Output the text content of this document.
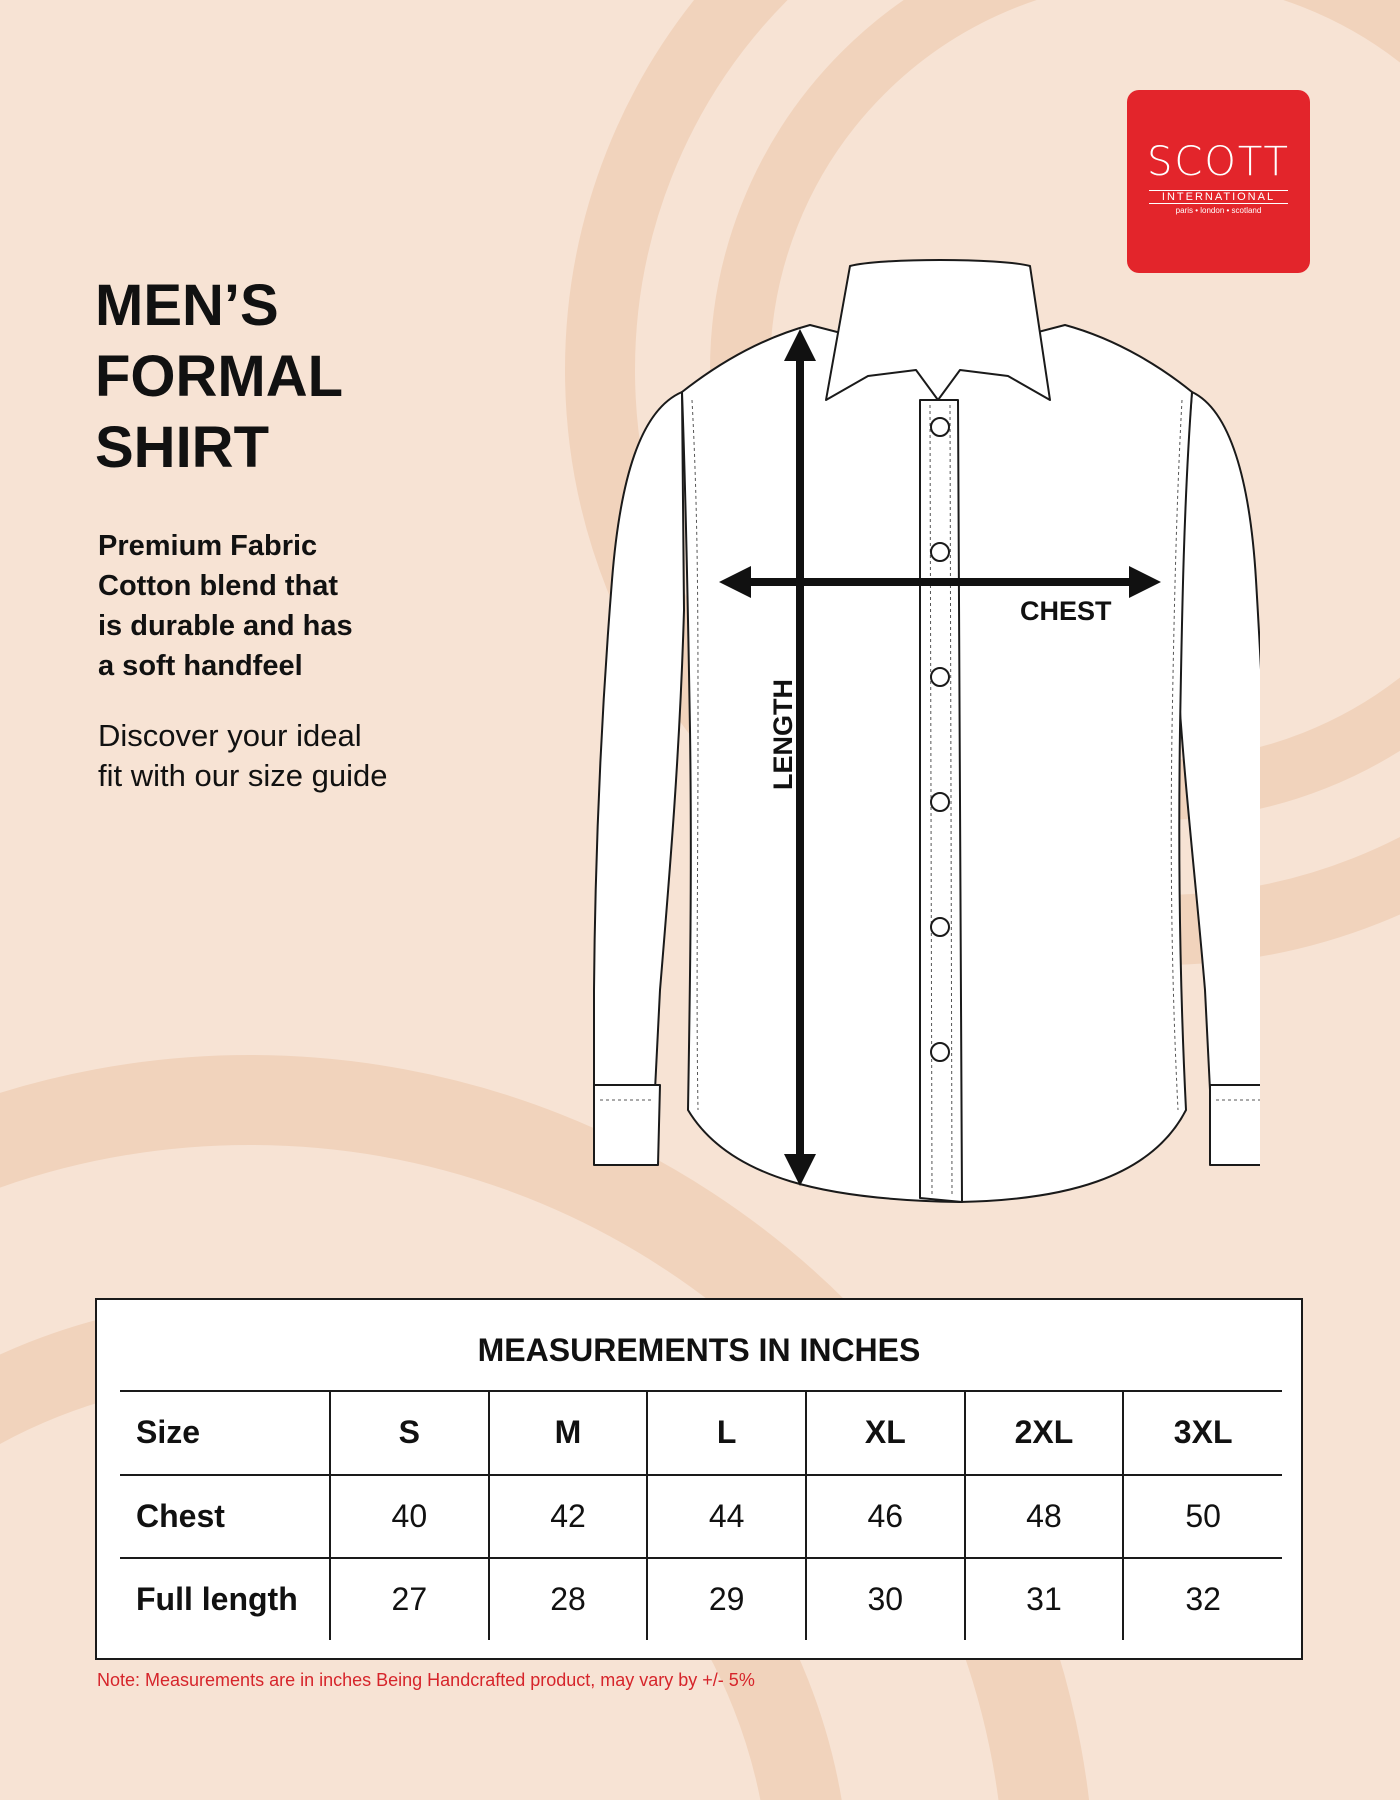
SCOTT
INTERNATIONAL
paris • london • scotland
MEN’S
FORMAL
SHIRT
Premium Fabric
Cotton blend that
is durable and has
a soft handfeel
Discover your ideal
fit with our size guide
CHEST
LENGTH
MEASUREMENTS IN INCHES
Size	S	M	L	XL	2XL	3XL
Chest	40	42	44	46	48	50
Full length	27	28	29	30	31	32
Note: Measurements are in inches Being Handcrafted product, may vary by +/- 5%
